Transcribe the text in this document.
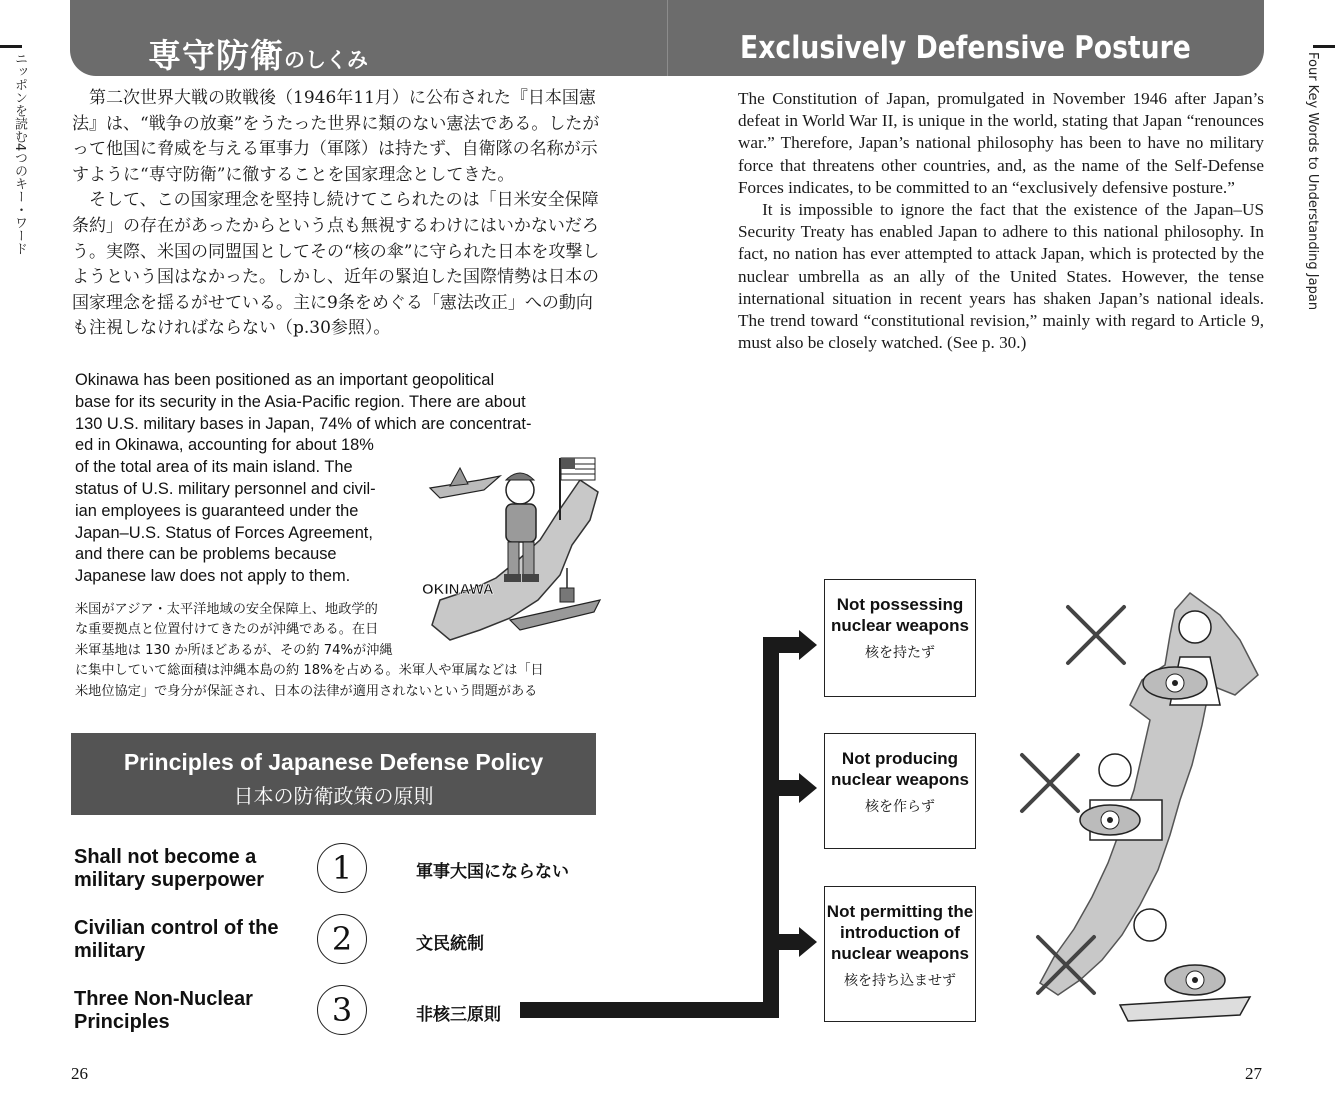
専守防衛のしくみ	Exclusively Defensive Posture
ニッポンを読む4つのキー・ワード	Four Key Words to Understanding Japan

第二次世界大戦の敗戦後（1946年11月）に公布された『日本国憲法』は、“戦争の放棄”をうたった世界に類のない憲法である。したがって他国に脅威を与える軍事力（軍隊）は持たず、自衛隊の名称が示すように“専守防衛”に徹することを国家理念としてきた。

そして、この国家理念を堅持し続けてこられたのは「日米安全保障条約」の存在があったからという点も無視するわけにはいかないだろう。実際、米国の同盟国としてその“核の傘”に守られた日本を攻撃しようという国はなかった。しかし、近年の緊迫した国際情勢は日本の国家理念を揺るがせている。主に9条をめぐる「憲法改正」への動向も注視しなければならない（p.30参照）。

The Constitution of Japan, promulgated in November 1946 after Japan’s defeat in World War II, is unique in the world, stating that Japan “renounces war.” Therefore, Japan’s national philosophy has been to have no military force that threatens other countries, and, as the name of the Self-Defense Forces indicates, to be committed to an “exclusively defensive posture.”

It is impossible to ignore the fact that the existence of the Japan–US Security Treaty has enabled Japan to adhere to this national philosophy. In fact, no nation has ever attempted to attack Japan, which is protected by the nuclear umbrella as an ally of the United States. However, the tense international situation in recent years has shaken Japan’s national ideals. The trend toward “constitutional revision,” mainly with regard to Article 9, must also be closely watched. (See p. 30.)

OKINAWA

Okinawa has been positioned as an important geopolitical

base for its security in the Asia-Pacific region. There are about

130 U.S. military bases in Japan, 74% of which are concentrat-

ed in Okinawa, accounting for about 18%

of the total area of its main island. The

status of U.S. military personnel and civil-

ian employees is guaranteed under the

Japan–U.S. Status of Forces Agreement,

and there can be problems because

Japanese law does not apply to them.

米国がアジア・太平洋地域の安全保障上、地政学的

な重要拠点と位置付けてきたのが沖縄である。在日

米軍基地は 130 か所ほどあるが、その約 74%が沖縄

に集中していて総面積は沖縄本島の約 18%を占める。米軍人や軍属などは「日

米地位協定」で身分が保証され、日本の法律が適用されないという問題がある

Principles of Japanese Defense Policy
日本の防衛政策の原則
Shall not become a military superpower	1	軍事大国にならない
Civilian control of the military	2	文民統制
Three Non-Nuclear Principles	3	非核三原則
Not possessing nuclear weapons
核を持たず
Not producing nuclear weapons
核を作らず
Not permitting the introduction of nuclear weapons
核を持ち込ませず
26	27
